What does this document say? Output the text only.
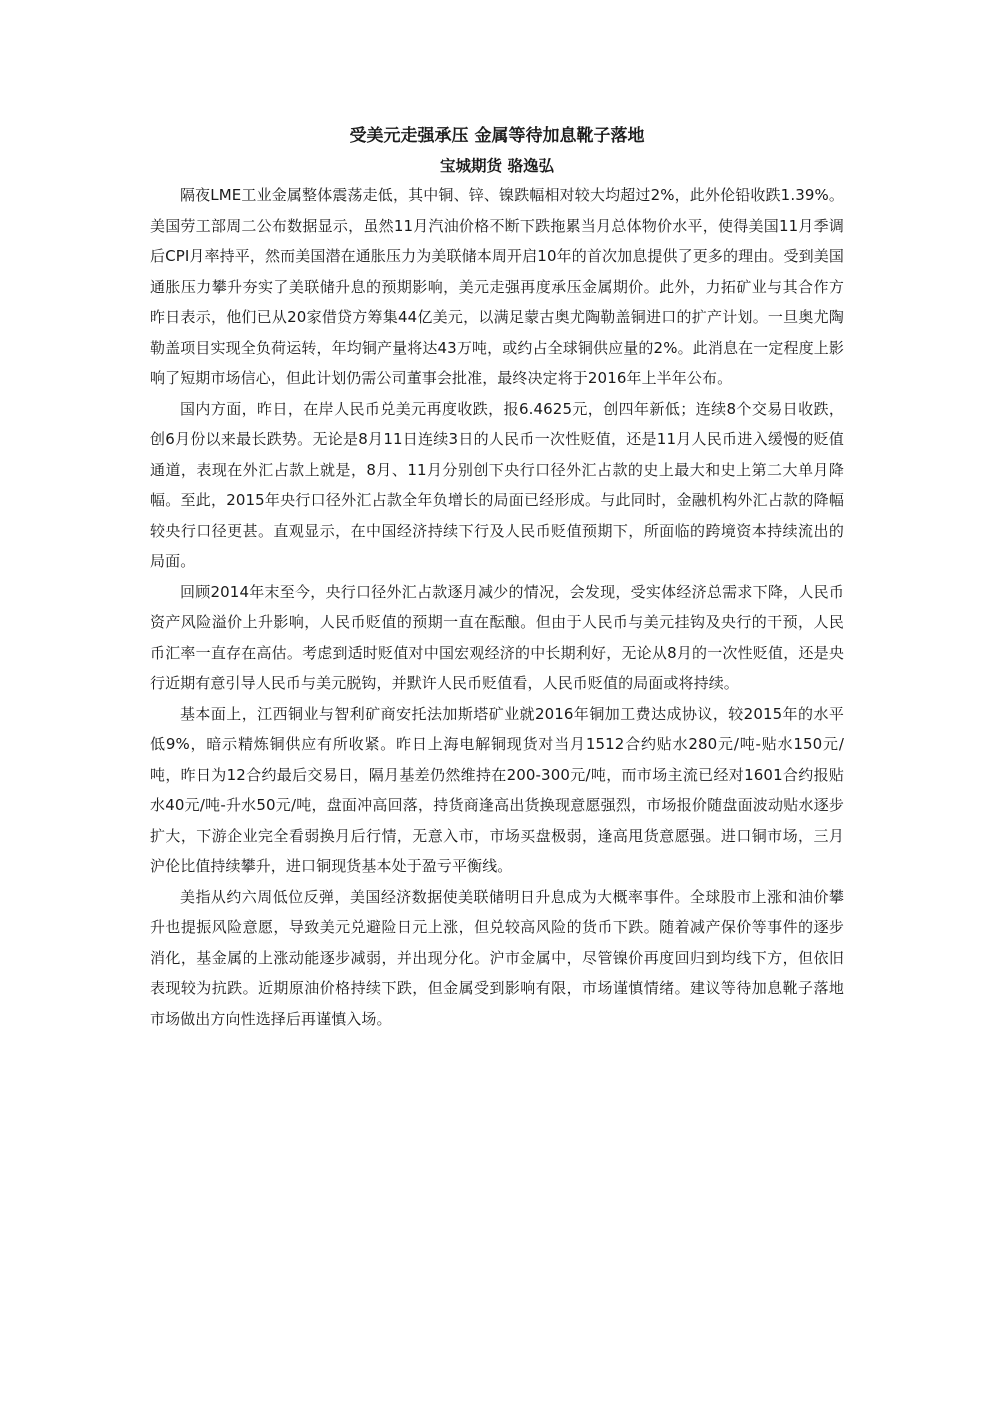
受美元走强承压 金属等待加息靴子落地
宝城期货 骆逸弘

隔夜LME工业金属整体震荡走低，其中铜、锌、镍跌幅相对较大均超过2%，此外伦铅收跌1.39%。美国劳工部周二公布数据显示，虽然11月汽油价格不断下跌拖累当月总体物价水平，使得美国11月季调后CPI月率持平，然而美国潜在通胀压力为美联储本周开启10年的首次加息提供了更多的理由。受到美国通胀压力攀升夯实了美联储升息的预期影响，美元走强再度承压金属期价。此外，力拓矿业与其合作方昨日表示，他们已从20家借贷方筹集44亿美元，以满足蒙古奥尤陶勒盖铜进口的扩产计划。一旦奥尤陶勒盖项目实现全负荷运转，年均铜产量将达43万吨，或约占全球铜供应量的2%。此消息在一定程度上影响了短期市场信心，但此计划仍需公司董事会批准，最终决定将于2016年上半年公布。

国内方面，昨日，在岸人民币兑美元再度收跌，报6.4625元，创四年新低；连续8个交易日收跌，创6月份以来最长跌势。无论是8月11日连续3日的人民币一次性贬值，还是11月人民币进入缓慢的贬值通道，表现在外汇占款上就是，8月、11月分别创下央行口径外汇占款的史上最大和史上第二大单月降幅。至此，2015年央行口径外汇占款全年负增长的局面已经形成。与此同时，金融机构外汇占款的降幅较央行口径更甚。直观显示，在中国经济持续下行及人民币贬值预期下，所面临的跨境资本持续流出的局面。

回顾2014年末至今，央行口径外汇占款逐月减少的情况，会发现，受实体经济总需求下降，人民币资产风险溢价上升影响，人民币贬值的预期一直在酝酿。但由于人民币与美元挂钩及央行的干预，人民币汇率一直存在高估。考虑到适时贬值对中国宏观经济的中长期利好，无论从8月的一次性贬值，还是央行近期有意引导人民币与美元脱钩，并默许人民币贬值看，人民币贬值的局面或将持续。

基本面上，江西铜业与智利矿商安托法加斯塔矿业就2016年铜加工费达成协议，较2015年的水平低9%，暗示精炼铜供应有所收紧。昨日上海电解铜现货对当月1512合约贴水280元/吨-贴水150元/吨，昨日为12合约最后交易日，隔月基差仍然维持在200-300元/吨，而市场主流已经对1601合约报贴水40元/吨-升水50元/吨，盘面冲高回落，持货商逢高出货换现意愿强烈，市场报价随盘面波动贴水逐步扩大，下游企业完全看弱换月后行情，无意入市，市场买盘极弱，逢高甩货意愿强。进口铜市场，三月沪伦比值持续攀升，进口铜现货基本处于盈亏平衡线。

美指从约六周低位反弹，美国经济数据使美联储明日升息成为大概率事件。全球股市上涨和油价攀升也提振风险意愿，导致美元兑避险日元上涨，但兑较高风险的货币下跌。随着减产保价等事件的逐步消化，基金属的上涨动能逐步减弱，并出现分化。沪市金属中，尽管镍价再度回归到均线下方，但依旧表现较为抗跌。近期原油价格持续下跌，但金属受到影响有限，市场谨慎情绪。建议等待加息靴子落地市场做出方向性选择后再谨慎入场。
